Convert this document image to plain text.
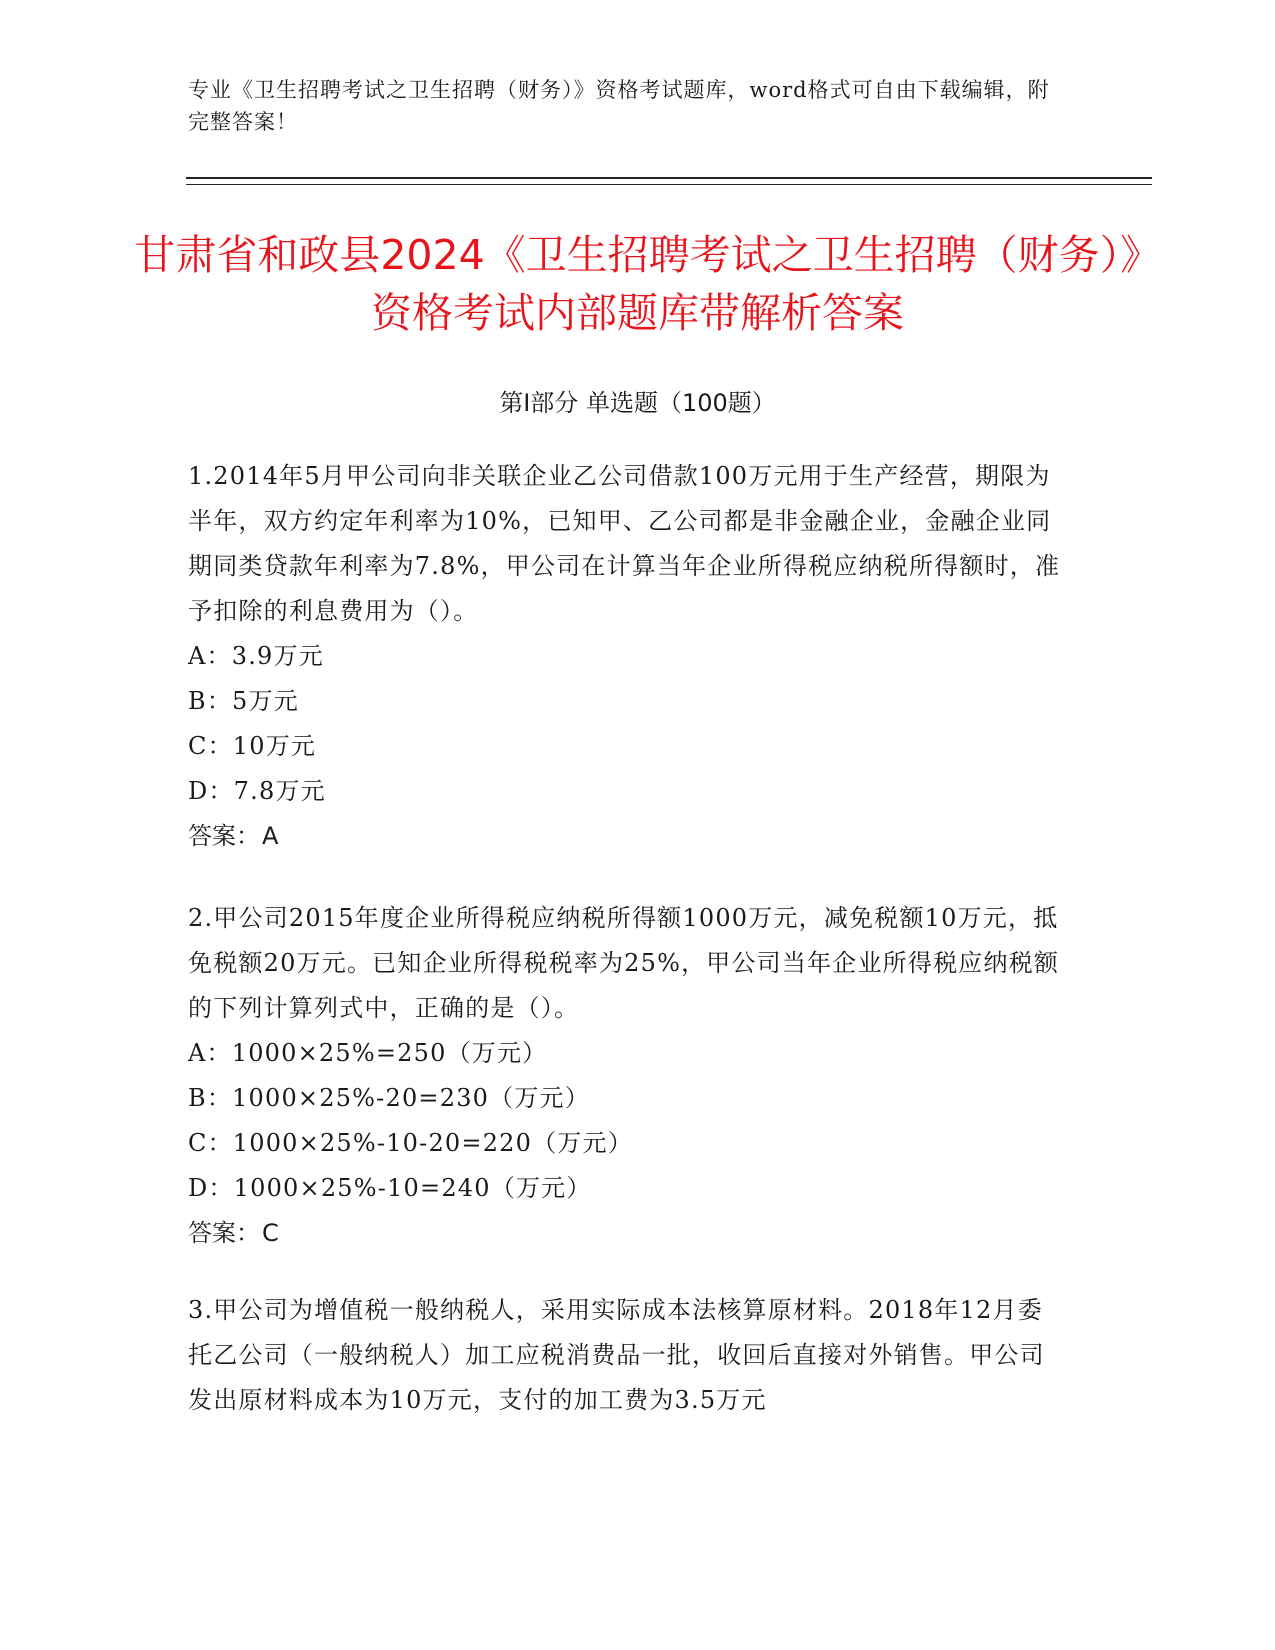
专业《卫生招聘考试之卫生招聘（财务）》资格考试题库，word格式可自由下载编辑，附完整答案！
甘肃省和政县2024《卫生招聘考试之卫生招聘（财务）》资格考试内部题库带解析答案
第Ⅰ部分 单选题（100题）

1.2014年5月甲公司向非关联企业乙公司借款100万元用于生产经营，期限为半年，双方约定年利率为10%，已知甲、乙公司都是非金融企业，金融企业同期同类贷款年利率为7.8%，甲公司在计算当年企业所得税应纳税所得额时，准予扣除的利息费用为（）。

A：3.9万元

B：5万元

C：10万元

D：7.8万元

答案：A

2.甲公司2015年度企业所得税应纳税所得额1000万元，减免税额10万元，抵免税额20万元。已知企业所得税税率为25%，甲公司当年企业所得税应纳税额的下列计算列式中，正确的是（）。

A：1000×25%=250（万元）

B：1000×25%-20=230（万元）

C：1000×25%-10-20=220（万元）

D：1000×25%-10=240（万元）

答案：C

3.甲公司为增值税一般纳税人，采用实际成本法核算原材料。2018年12月委托乙公司（一般纳税人）加工应税消费品一批，收回后直接对外销售。甲公司发出原材料成本为10万元，支付的加工费为3.5万元
